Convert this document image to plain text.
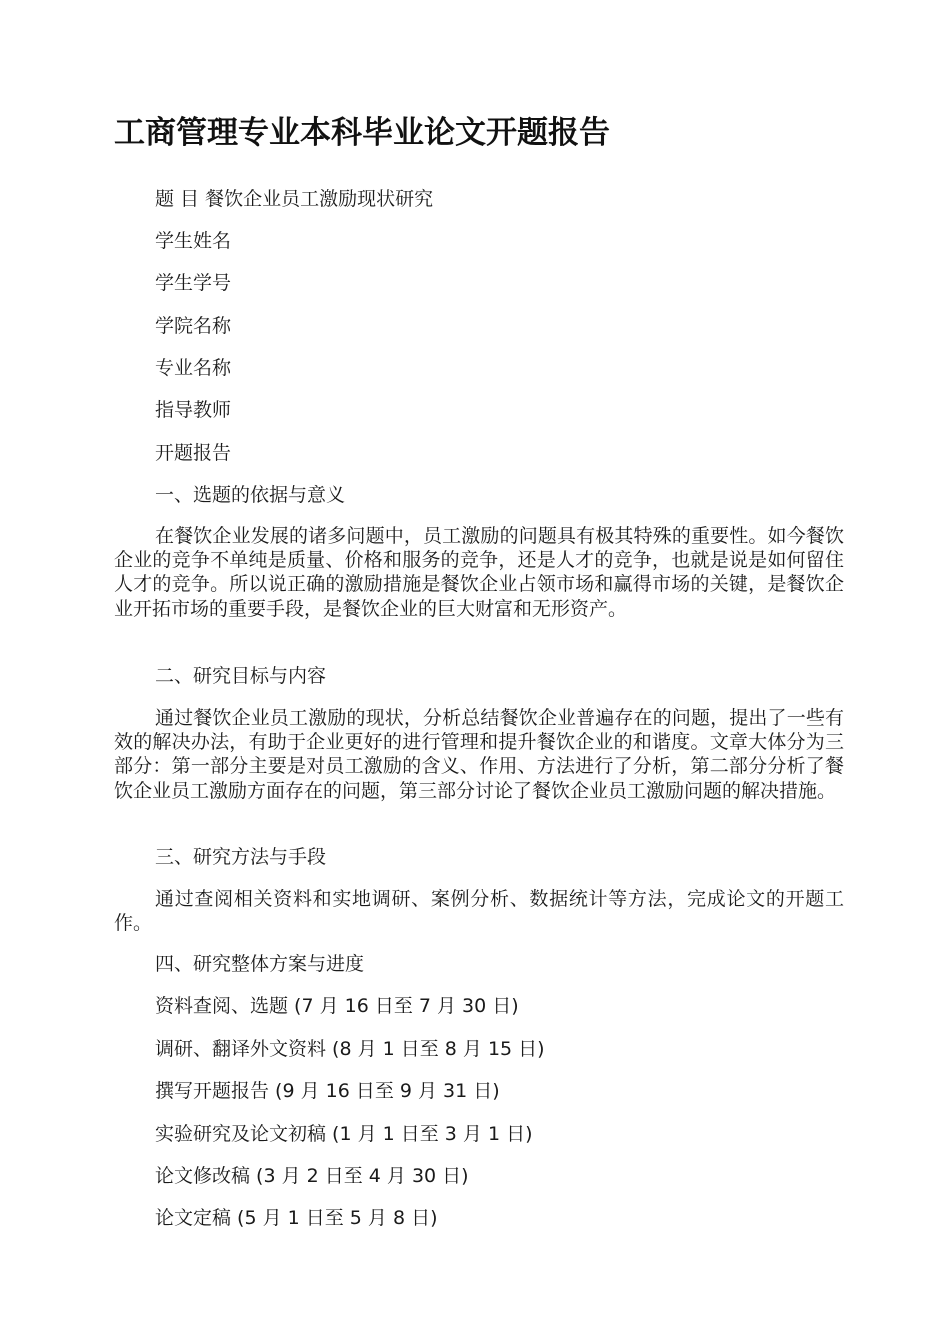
工商管理专业本科毕业论文开题报告

题 目 餐饮企业员工激励现状研究

学生姓名

学生学号

学院名称

专业名称

指导教师

开题报告

一、选题的依据与意义

在餐饮企业发展的诸多问题中，员工激励的问题具有极其特殊的重要性。如今餐饮企业的竞争不单纯是质量、价格和服务的竞争，还是人才的竞争，也就是说是如何留住人才的竞争。所以说正确的激励措施是餐饮企业占领市场和赢得市场的关键，是餐饮企业开拓市场的重要手段，是餐饮企业的巨大财富和无形资产。

二、研究目标与内容

通过餐饮企业员工激励的现状，分析总结餐饮企业普遍存在的问题，提出了一些有效的解决办法，有助于企业更好的进行管理和提升餐饮企业的和谐度。文章大体分为三部分：第一部分主要是对员工激励的含义、作用、方法进行了分析，第二部分分析了餐饮企业员工激励方面存在的问题，第三部分讨论了餐饮企业员工激励问题的解决措施。

三、研究方法与手段

通过查阅相关资料和实地调研、案例分析、数据统计等方法，完成论文的开题工作。

四、研究整体方案与进度

资料查阅、选题 (7 月 16 日至 7 月 30 日)

调研、翻译外文资料 (8 月 1 日至 8 月 15 日)

撰写开题报告 (9 月 16 日至 9 月 31 日)

实验研究及论文初稿 (1 月 1 日至 3 月 1 日)

论文修改稿 (3 月 2 日至 4 月 30 日)

论文定稿 (5 月 1 日至 5 月 8 日)
